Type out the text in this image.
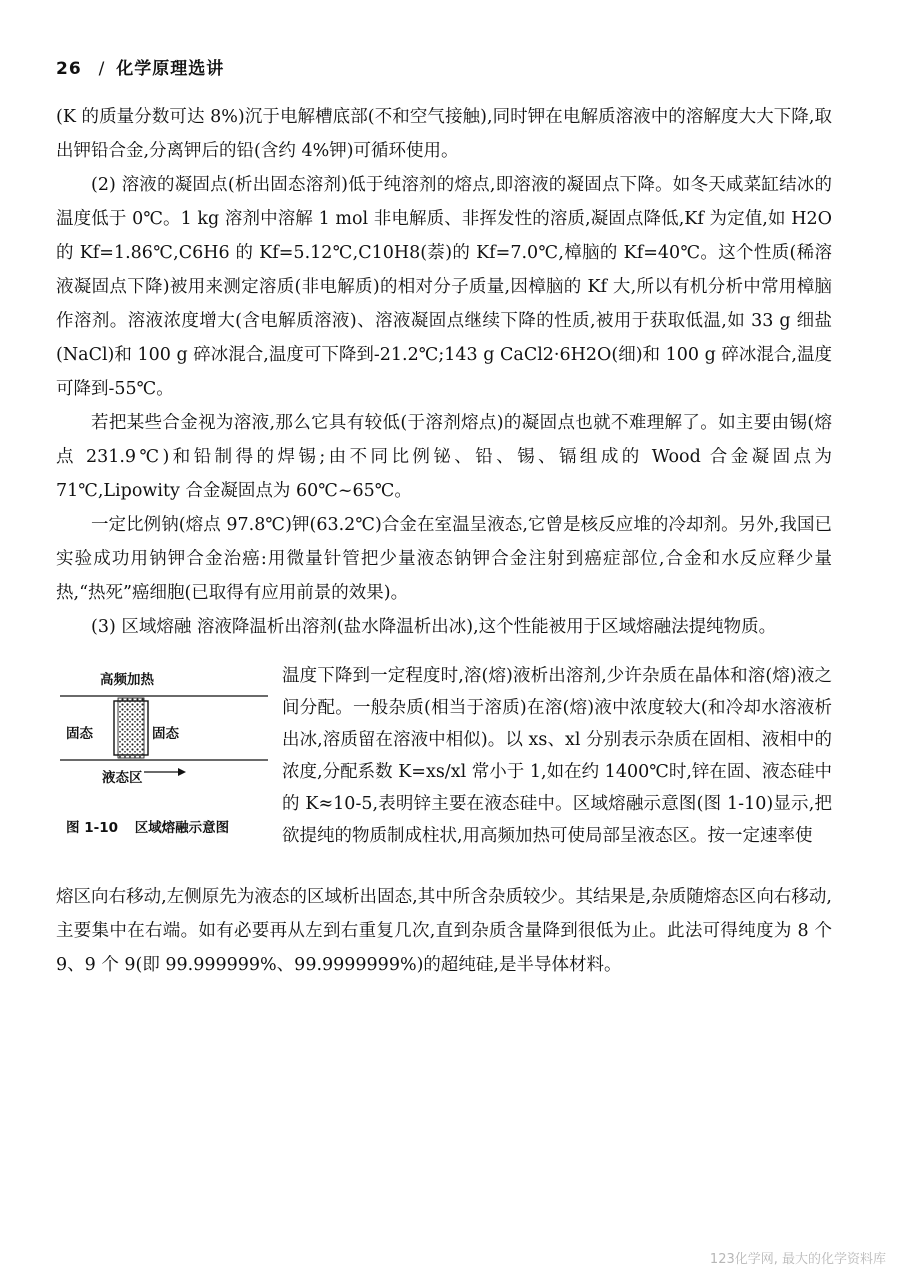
26 / 化学原理选讲

(K 的质量分数可达 8%)沉于电解槽底部(不和空气接触),同时钾在电解质溶液中的溶解度大大下降,取出钾铅合金,分离钾后的铅(含约 4%钾)可循环使用。

(2) 溶液的凝固点(析出固态溶剂)低于纯溶剂的熔点,即溶液的凝固点下降。如冬天咸菜缸结冰的温度低于 0℃。1 kg 溶剂中溶解 1 mol 非电解质、非挥发性的溶质,凝固点降低,Kf 为定值,如 H2O 的 Kf=1.86℃,C6H6 的 Kf=5.12℃,C10H8(萘)的 Kf=7.0℃,樟脑的 Kf=40℃。这个性质(稀溶液凝固点下降)被用来测定溶质(非电解质)的相对分子质量,因樟脑的 Kf 大,所以有机分析中常用樟脑作溶剂。溶液浓度增大(含电解质溶液)、溶液凝固点继续下降的性质,被用于获取低温,如 33 g 细盐(NaCl)和 100 g 碎冰混合,温度可下降到-21.2℃;143 g CaCl2·6H2O(细)和 100 g 碎冰混合,温度可降到-55℃。

若把某些合金视为溶液,那么它具有较低(于溶剂熔点)的凝固点也就不难理解了。如主要由锡(熔点 231.9℃)和铅制得的焊锡;由不同比例铋、铅、锡、镉组成的 Wood 合金凝固点为 71℃,Lipowity 合金凝固点为 60℃~65℃。

一定比例钠(熔点 97.8℃)钾(63.2℃)合金在室温呈液态,它曾是核反应堆的冷却剂。另外,我国已实验成功用钠钾合金治癌:用微量针管把少量液态钠钾合金注射到癌症部位,合金和水反应释少量热,“热死”癌细胞(已取得有应用前景的效果)。

(3) 区域熔融 溶液降温析出溶剂(盐水降温析出冰),这个性能被用于区域熔融法提纯物质。

高频加热
固态	固态
液态区
图 1-10 区域熔融示意图
温度下降到一定程度时,溶(熔)液析出溶剂,少许杂质在晶体和溶(熔)液之间分配。一般杂质(相当于溶质)在溶(熔)液中浓度较大(和冷却水溶液析出冰,溶质留在溶液中相似)。以 xs、xl 分别表示杂质在固相、液相中的浓度,分配系数 K=xs/xl 常小于 1,如在约 1400℃时,锌在固、液态硅中的 K≈10-5,表明锌主要在液态硅中。区域熔融示意图(图 1-10)显示,把欲提纯的物质制成柱状,用高频加热可使局部呈液态区。按一定速率使

熔区向右移动,左侧原先为液态的区域析出固态,其中所含杂质较少。其结果是,杂质随熔态区向右移动,主要集中在右端。如有必要再从左到右重复几次,直到杂质含量降到很低为止。此法可得纯度为 8 个 9、9 个 9(即 99.999999%、99.9999999%)的超纯硅,是半导体材料。

123化学网, 最大的化学资料库
